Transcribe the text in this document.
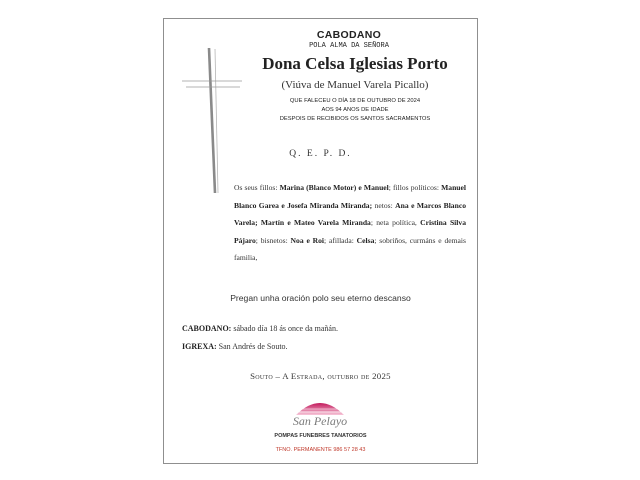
CABODANO
POLA ALMA DA SEÑORA
Dona Celsa Iglesias Porto
(Viúva de Manuel Varela Picallo)
QUE FALECEU O DÍA 18 DE OUTUBRO DE 2024
AOS 94 ANOS DE IDADE
DESPOIS DE RECIBIDOS OS SANTOS SACRAMENTOS
Q. E. P. D.
Os seus fillos: Marina (Blanco Motor) e Manuel; fillos políticos: Manuel Blanco Garea e Josefa Miranda Miranda; netos: Ana e Marcos Blanco Varela; Martín e Mateo Varela Miranda; neta política, Cristina Silva Pájaro; bisnetos: Noa e Roi; afillada: Celsa; sobriños, curmáns e demais familia,
Pregan unha oración polo seu eterno descanso
CABODANO: sábado día 18 ás once da mañán.
IGREXA: San Andrés de Souto.
Souto – A Estrada, outubro de 2025
San Pelayo
POMPAS FUNEBRES TANATORIOS
TFNO. PERMANENTE 986 57 28 43
